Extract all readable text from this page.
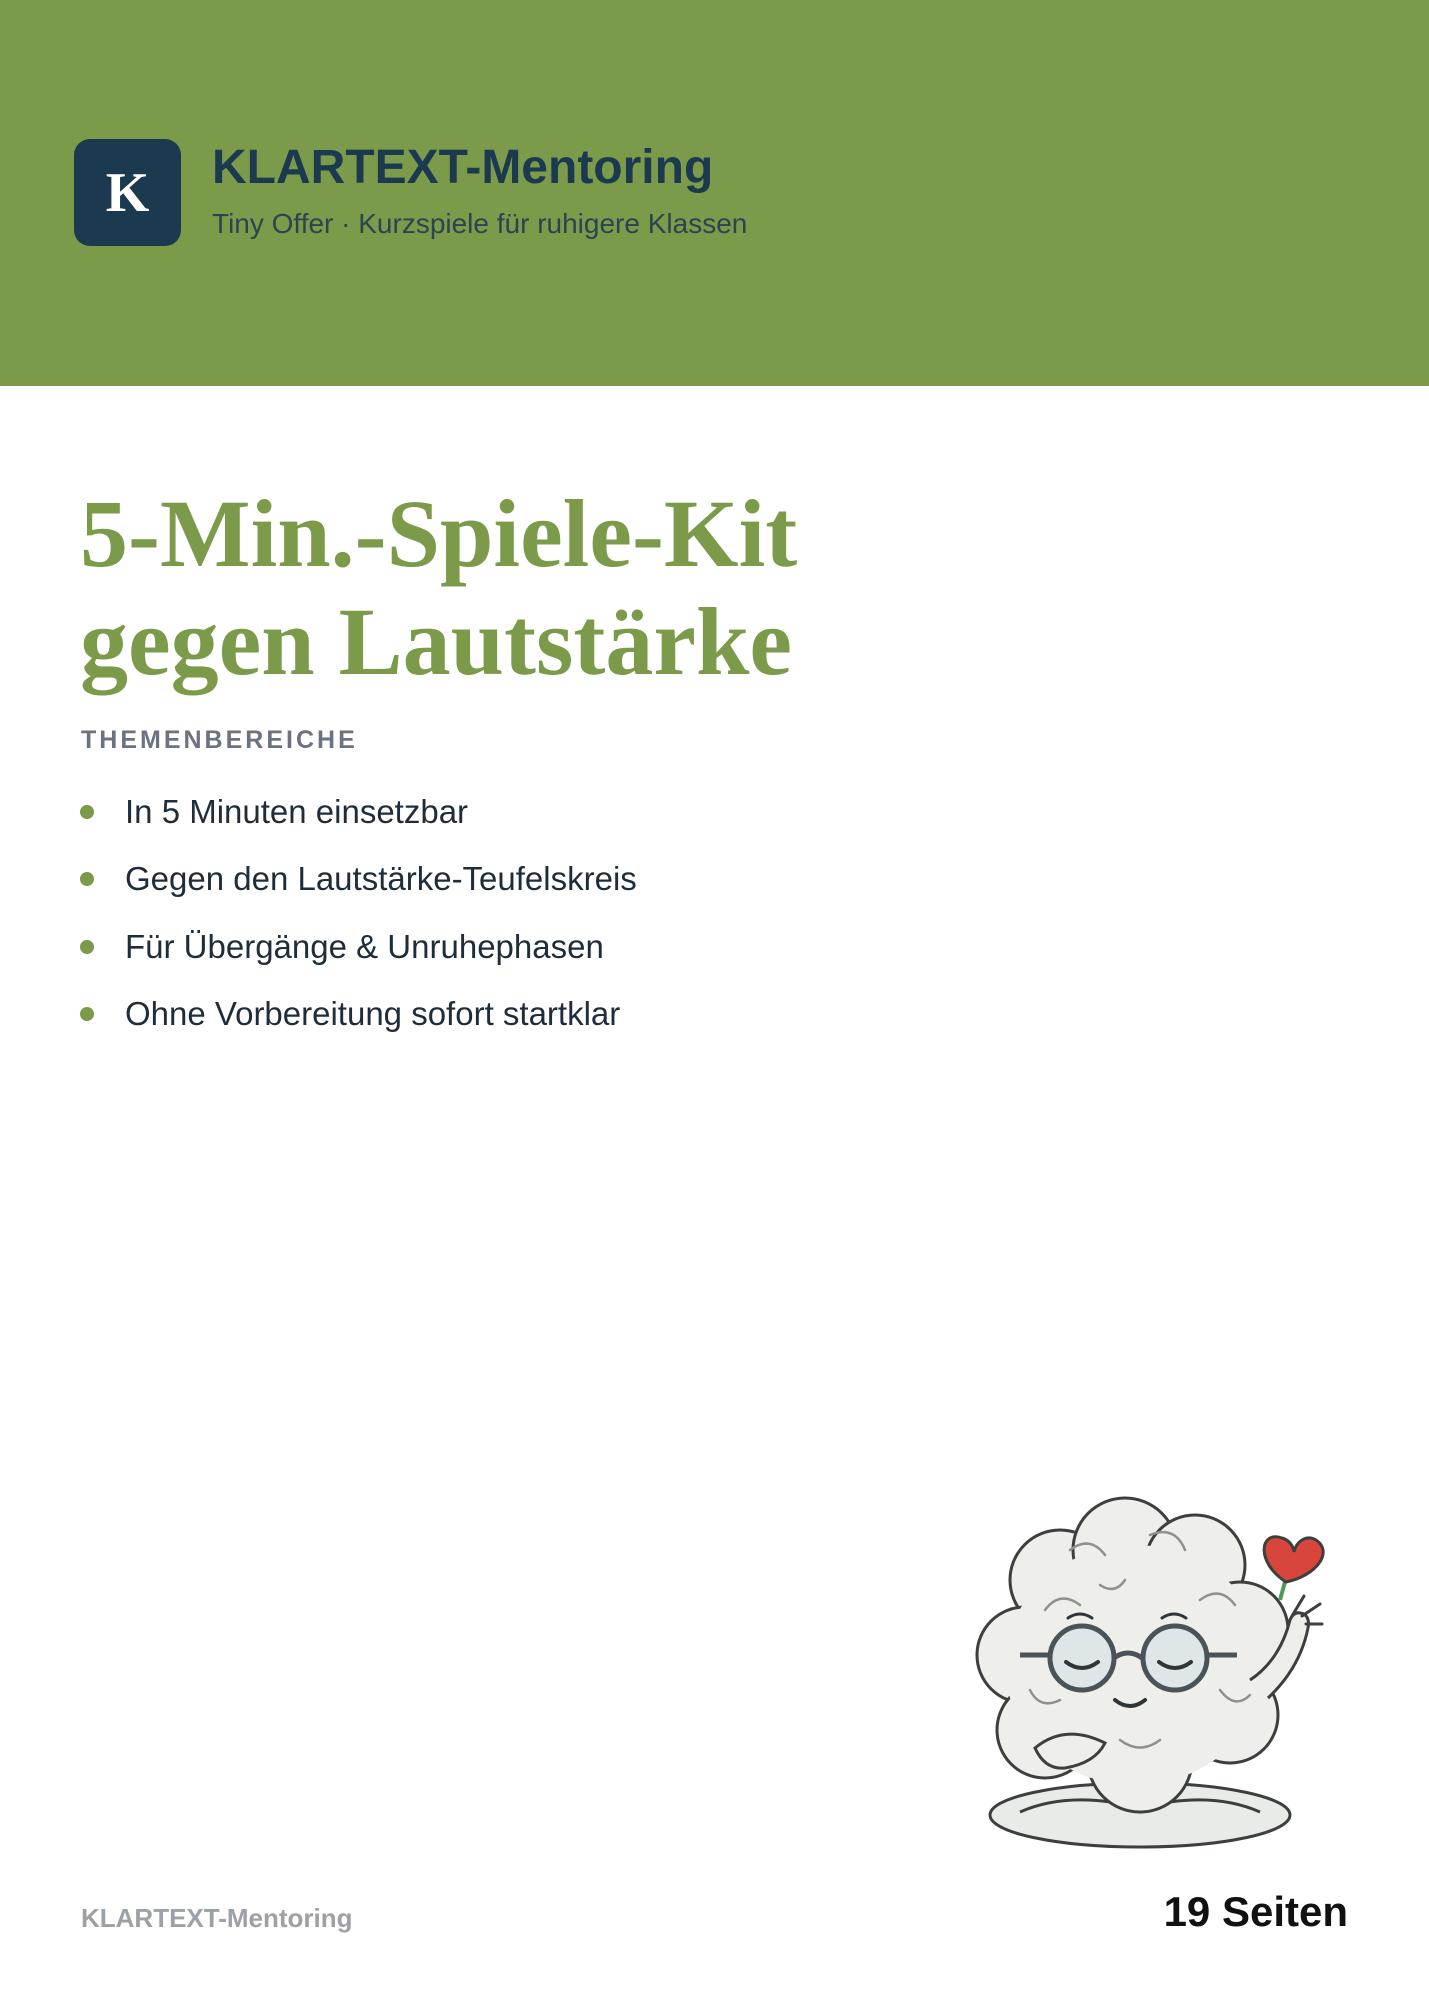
K KLARTEXT-Mentoring
Tiny Offer · Kurzspiele für ruhigere Klassen
5-Min.-Spiele-Kit
gegen Lautstärke
THEMENBEREICHE
In 5 Minuten einsetzbar
Gegen den Lautstärke-Teufelskreis
Für Übergänge & Unruhephasen
Ohne Vorbereitung sofort startklar
KLARTEXT-Mentoring	19 Seiten
